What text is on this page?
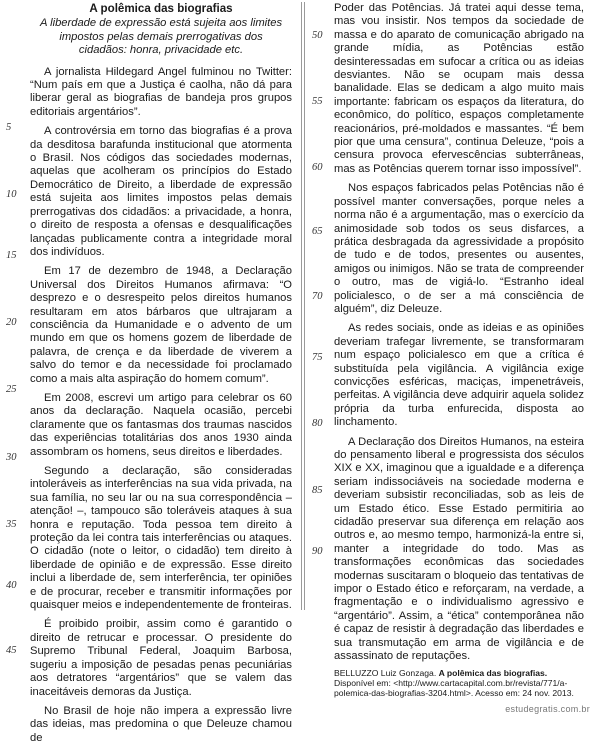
A polêmica das biografias

A liberdade de expressão está sujeita aos limites impostos pelas demais prerrogativas dos cidadãos: honra, privacidade etc.

A jornalista Hildegard Angel fulminou no Twitter: “Num país em que a Justiça é caolha, não dá para liberar geral as biografias de bandeja pros grupos editoriais argentários”.

A controvérsia em torno das biografias é a prova da desditosa barafunda institucional que atormenta o Brasil. Nos códigos das sociedades modernas, aquelas que acolheram os princípios do Estado Democrático de Direito, a liberdade de expressão está sujeita aos limites impostos pelas demais prerrogativas dos cidadãos: a privacidade, a honra, o direito de resposta a ofensas e desqualificações lançadas publicamente contra a integridade moral dos indivíduos.

Em 17 de dezembro de 1948, a Declaração Universal dos Direitos Humanos afirmava: “O desprezo e o desrespeito pelos direitos humanos resultaram em atos bárbaros que ultrajaram a consciência da Humanidade e o advento de um mundo em que os homens gozem de liberdade de palavra, de crença e da liberdade de viverem a salvo do temor e da necessidade foi proclamado como a mais alta aspiração do homem comum”.

Em 2008, escrevi um artigo para celebrar os 60 anos da declaração. Naquela ocasião, percebi claramente que os fantasmas dos traumas nascidos das experiências totalitárias dos anos 1930 ainda assombram os homens, seus direitos e liberdades.

Segundo a declaração, são consideradas intoleráveis as interferências na sua vida privada, na sua família, no seu lar ou na sua correspondência – atenção! –, tampouco são toleráveis ataques à sua honra e reputação. Toda pessoa tem direito à proteção da lei contra tais interferências ou ataques. O cidadão (note o leitor, o cidadão) tem direito à liberdade de opinião e de expressão. Esse direito inclui a liberdade de, sem interferência, ter opiniões e de procurar, receber e transmitir informações por quaisquer meios e independentemente de fronteiras.

É proibido proibir, assim como é garantido o direito de retrucar e processar. O presidente do Supremo Tribunal Federal, Joaquim Barbosa, sugeriu a imposição de pesadas penas pecuniárias aos detratores “argentários” que se valem das inaceitáveis demoras da Justiça.

No Brasil de hoje não impera a expressão livre das ideias, mas predomina o que Deleuze chamou de

Poder das Potências. Já tratei aqui desse tema, mas vou insistir. Nos tempos da sociedade de massa e do aparato de comunicação abrigado na grande mídia, as Potências estão desinteressadas em sufocar a crítica ou as ideias desviantes. Não se ocupam mais dessa banalidade. Elas se dedicam a algo muito mais importante: fabricam os espaços da literatura, do econômico, do político, espaços completamente reacionários, pré-moldados e massantes. “É bem pior que uma censura”, continua Deleuze, “pois a censura provoca efervescências subterrâneas, mas as Potências querem tornar isso impossível”.

Nos espaços fabricados pelas Potências não é possível manter conversações, porque neles a norma não é a argumentação, mas o exercício da animosidade sob todos os seus disfarces, a prática desbragada da agressividade a propósito de tudo e de todos, presentes ou ausentes, amigos ou inimigos. Não se trata de compreender o outro, mas de vigiá-lo. “Estranho ideal policialesco, o de ser a má consciência de alguém”, diz Deleuze.

As redes sociais, onde as ideias e as opiniões deveriam trafegar livremente, se transformaram num espaço policialesco em que a crítica é substituída pela vigilância. A vigilância exige convicções esféricas, maciças, impenetráveis, perfeitas. A vigilância deve adquirir aquela solidez própria da turba enfurecida, disposta ao linchamento.

A Declaração dos Direitos Humanos, na esteira do pensamento liberal e progressista dos séculos XIX e XX, imaginou que a igualdade e a diferença seriam indissociáveis na sociedade moderna e deveriam subsistir reconciliadas, sob as leis de um Estado ético. Esse Estado permitiria ao cidadão preservar sua diferença em relação aos outros e, ao mesmo tempo, harmonizá-la entre si, manter a integridade do todo. Mas as transformações econômicas das sociedades modernas suscitaram o bloqueio das tentativas de impor o Estado ético e reforçaram, na verdade, a fragmentação e o individualismo agressivo e “argentário”. Assim, a “ética” contemporânea não é capaz de resistir à degradação das liberdades e sua transmutação em arma de vigilância e de assassinato de reputações.

BELLUZZO Luiz Gonzaga. A polêmica das biografias. Disponível em: <http://www.cartacapital.com.br/revista/771/a-polemica-das-biografias-3204.html>. Acesso em: 24 nov. 2013.
5
10
15
20
25
30
35
40
45
50
55
60
65
70
75
80
85
90
estudegratis.com.br
